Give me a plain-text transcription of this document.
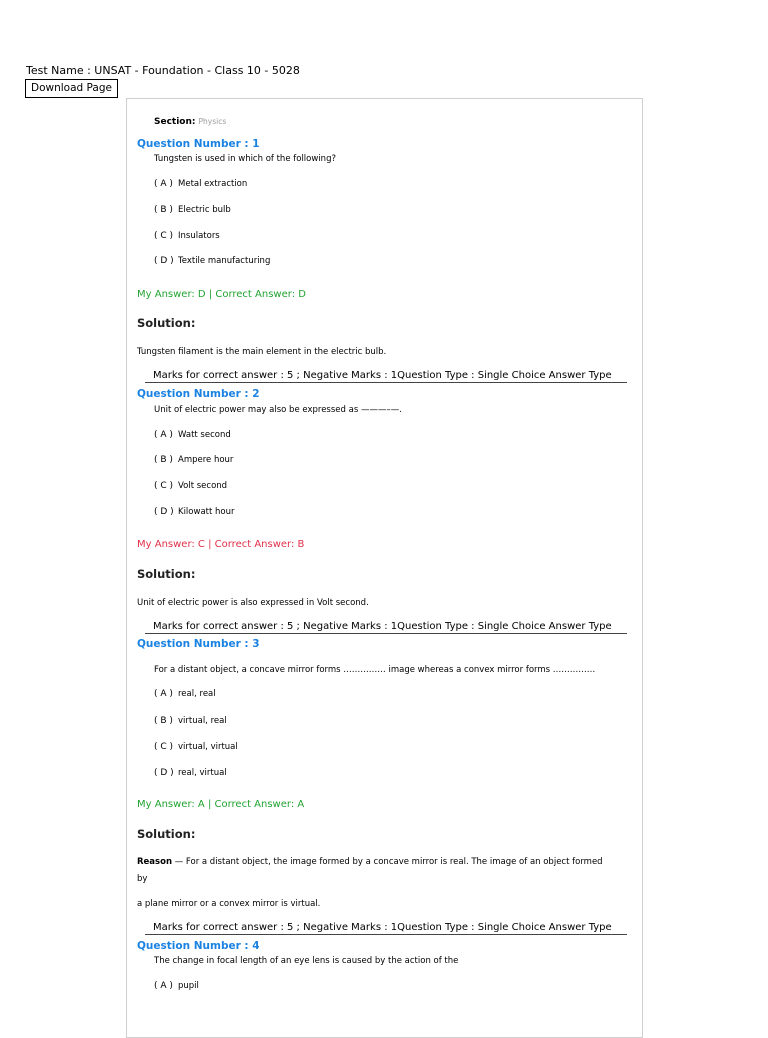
Test Name : UNSAT - Foundation - Class 10 - 5028
Download Page
Section: Physics
Question Number : 1
Tungsten is used in which of the following?
( A ) Metal extraction
( B ) Electric bulb
( C ) Insulators
( D ) Textile manufacturing
My Answer: D | Correct Answer: D
Solution:
Tungsten filament is the main element in the electric bulb.
Marks for correct answer : 5 ; Negative Marks : 1Question Type : Single Choice Answer Type
Question Number : 2
Unit of electric power may also be expressed as ———–—.
( A ) Watt second
( B ) Ampere hour
( C ) Volt second
( D ) Kilowatt hour
My Answer: C | Correct Answer: B
Solution:
Unit of electric power is also expressed in Volt second.
Marks for correct answer : 5 ; Negative Marks : 1Question Type : Single Choice Answer Type
Question Number : 3
For a distant object, a concave mirror forms …………… image whereas a convex mirror forms ……………
( A ) real, real
( B ) virtual, real
( C ) virtual, virtual
( D ) real, virtual
My Answer: A | Correct Answer: A
Solution:
Reason — For a distant object, the image formed by a concave mirror is real. The image of an object formed
by
a plane mirror or a convex mirror is virtual.
Marks for correct answer : 5 ; Negative Marks : 1Question Type : Single Choice Answer Type
Question Number : 4
The change in focal length of an eye lens is caused by the action of the
( A ) pupil
